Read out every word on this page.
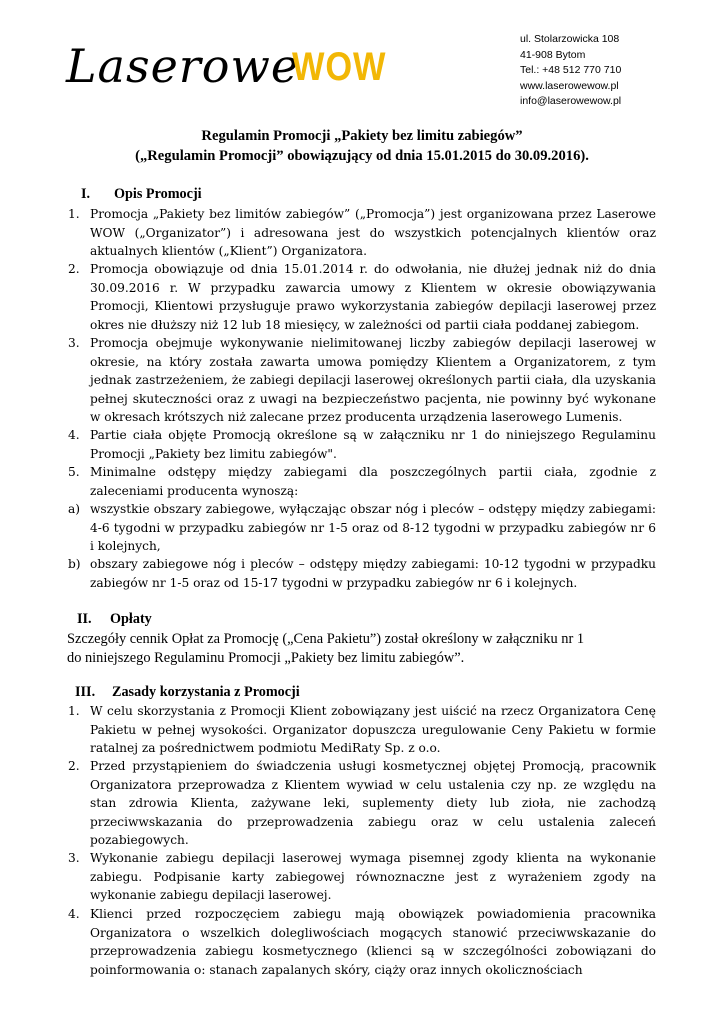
Laserowe
WOW
ul. Stolarzowicka 108
41-908 Bytom
Tel.: +48 512 770 710
www.laserowewow.pl
info@laserowewow.pl
Regulamin Promocji „Pakiety bez limitu zabiegów”
(„Regulamin Promocji” obowiązujący od dnia 15.01.2015 do 30.09.2016).
I. Opis Promocji
1. Promocja „Pakiety bez limitów zabiegów” („Promocja”) jest organizowana przez Laserowe WOW („Organizator”) i adresowana jest do wszystkich potencjalnych klientów oraz aktualnych klientów („Klient”) Organizatora.
2. Promocja obowiązuje od dnia 15.01.2014 r. do odwołania, nie dłużej jednak niż do dnia 30.09.2016 r. W przypadku zawarcia umowy z Klientem w okresie obowiązywania Promocji, Klientowi przysługuje prawo wykorzystania zabiegów depilacji laserowej przez okres nie dłuższy niż 12 lub 18 miesięcy, w zależności od partii ciała poddanej zabiegom.
3. Promocja obejmuje wykonywanie nielimitowanej liczby zabiegów depilacji laserowej w okresie, na który została zawarta umowa pomiędzy Klientem a Organizatorem, z tym jednak zastrzeżeniem, że zabiegi depilacji laserowej określonych partii ciała, dla uzyskania pełnej skuteczności oraz z uwagi na bezpieczeństwo pacjenta, nie powinny być wykonane w okresach krótszych niż zalecane przez producenta urządzenia laserowego Lumenis.
4. Partie ciała objęte Promocją określone są w załączniku nr 1 do niniejszego Regulaminu Promocji „Pakiety bez limitu zabiegów".
5. Minimalne odstępy między zabiegami dla poszczególnych partii ciała, zgodnie z zaleceniami producenta wynoszą:
a) wszystkie obszary zabiegowe, wyłączając obszar nóg i pleców – odstępy między zabiegami: 4-6 tygodni w przypadku zabiegów nr 1-5 oraz od 8-12 tygodni w przypadku zabiegów nr 6 i kolejnych,
b) obszary zabiegowe nóg i pleców – odstępy między zabiegami: 10-12 tygodni w przypadku zabiegów nr 1-5 oraz od 15-17 tygodni w przypadku zabiegów nr 6 i kolejnych.
II. Opłaty
Szczegóły cennik Opłat za Promocję („Cena Pakietu”) został określony w załączniku nr 1
do niniejszego Regulaminu Promocji „Pakiety bez limitu zabiegów”.
III. Zasady korzystania z Promocji
1. W celu skorzystania z Promocji Klient zobowiązany jest uiścić na rzecz Organizatora Cenę Pakietu w pełnej wysokości. Organizator dopuszcza uregulowanie Ceny Pakietu w formie ratalnej za pośrednictwem podmiotu MediRaty Sp. z o.o.
2. Przed przystąpieniem do świadczenia usługi kosmetycznej objętej Promocją, pracownik Organizatora przeprowadza z Klientem wywiad w celu ustalenia czy np. ze względu na stan zdrowia Klienta, zażywane leki, suplementy diety lub zioła, nie zachodzą przeciwwskazania do przeprowadzenia zabiegu oraz w celu ustalenia zaleceń pozabiegowych.
3. Wykonanie zabiegu depilacji laserowej wymaga pisemnej zgody klienta na wykonanie zabiegu. Podpisanie karty zabiegowej równoznaczne jest z wyrażeniem zgody na wykonanie zabiegu depilacji laserowej.
4. Klienci przed rozpoczęciem zabiegu mają obowiązek powiadomienia pracownika Organizatora o wszelkich dolegliwościach mogących stanowić przeciwwskazanie do przeprowadzenia zabiegu kosmetycznego (klienci są w szczególności zobowiązani do poinformowania o: stanach zapalanych skóry, ciąży oraz innych okolicznościach
